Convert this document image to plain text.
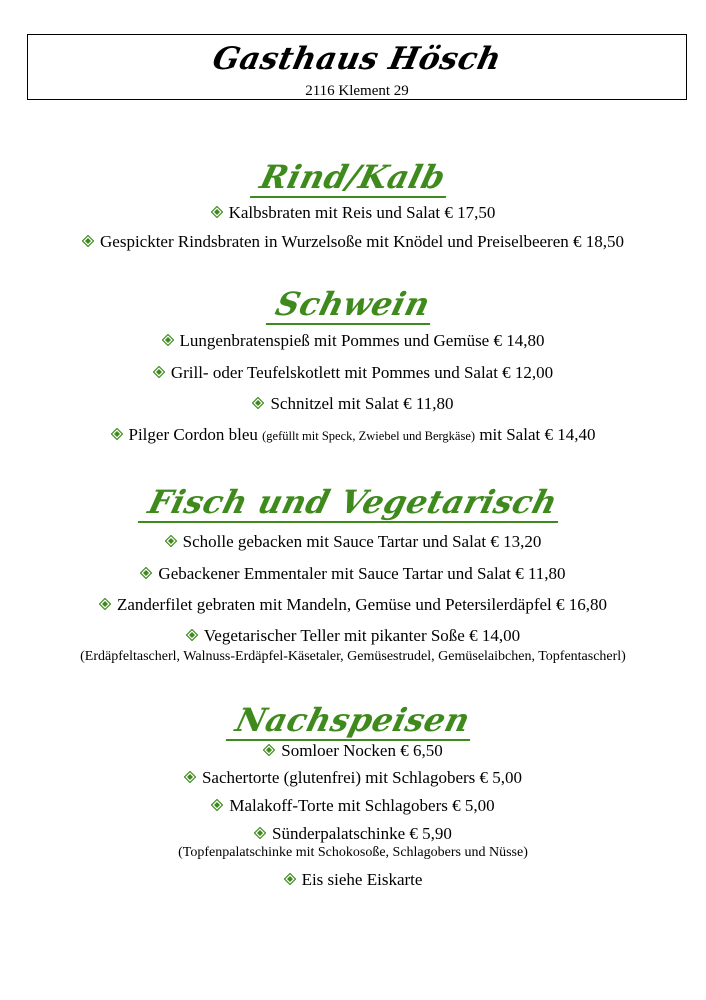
Gasthaus Hösch
2116 Klement 29
Rind/Kalb
Kalbsbraten mit Reis und Salat € 17,50
Gespickter Rindsbraten in Wurzelsoße mit Knödel und Preiselbeeren € 18,50
Schwein
Lungenbratenspieß mit Pommes und Gemüse € 14,80
Grill- oder Teufelskotlett mit Pommes und Salat € 12,00
Schnitzel mit Salat € 11,80
Pilger Cordon bleu (gefüllt mit Speck, Zwiebel und Bergkäse) mit Salat € 14,40
Fisch und Vegetarisch
Scholle gebacken mit Sauce Tartar und Salat € 13,20
Gebackener Emmentaler mit Sauce Tartar und Salat € 11,80
Zanderfilet gebraten mit Mandeln, Gemüse und Petersilerdäpfel € 16,80
Vegetarischer Teller mit pikanter Soße € 14,00
(Erdäpfeltascherl, Walnuss-Erdäpfel-Käsetaler, Gemüsestrudel, Gemüselaibchen, Topfentascherl)
Nachspeisen
Somloer Nocken € 6,50
Sachertorte (glutenfrei) mit Schlagobers € 5,00
Malakoff-Torte mit Schlagobers € 5,00
Sünderpalatschinke € 5,90
(Topfenpalatschinke mit Schokosoße, Schlagobers und Nüsse)
Eis siehe Eiskarte
